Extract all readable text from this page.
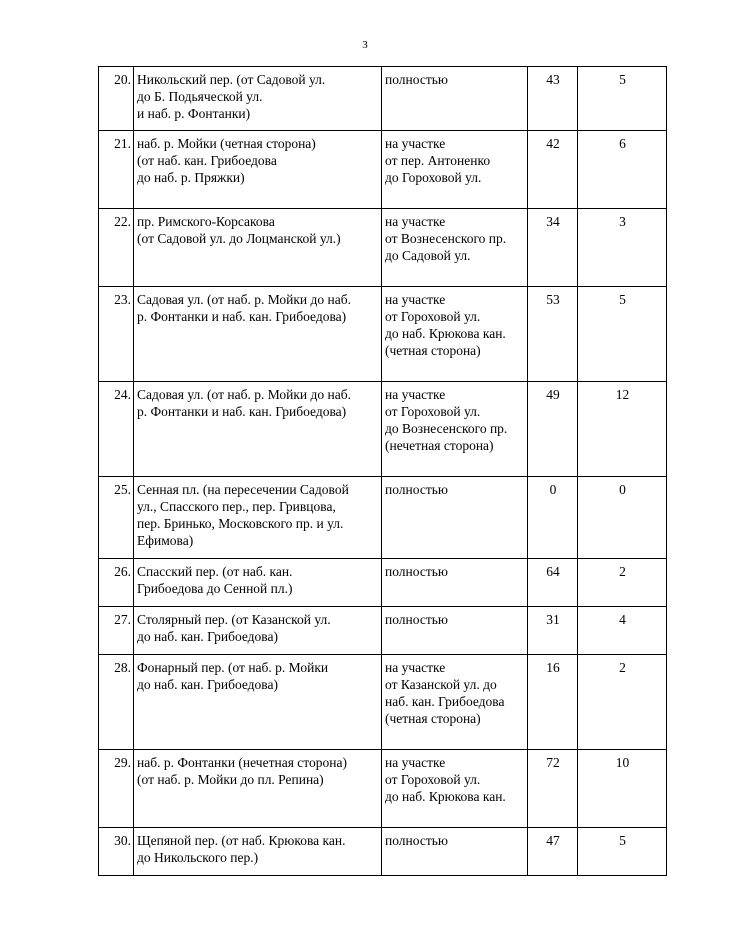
3
20.	Никольский пер. (от Садовой ул.
до Б. Подьяческой ул.
и наб. р. Фонтанки)	полностью	43	5
21.	наб. р. Мойки (четная сторона)
(от наб. кан. Грибоедова
до наб. р. Пряжки)	на участке
от пер. Антоненко
до Гороховой ул.	42	6
22.	пр. Римского-Корсакова
(от Садовой ул. до Лоцманской ул.)	на участке
от Вознесенского пр.
до Садовой ул.	34	3
23.	Садовая ул. (от наб. р. Мойки до наб.
р. Фонтанки и наб. кан. Грибоедова)	на участке
от Гороховой ул.
до наб. Крюкова кан.
(четная сторона)	53	5
24.	Садовая ул. (от наб. р. Мойки до наб.
р. Фонтанки и наб. кан. Грибоедова)	на участке
от Гороховой ул.
до Вознесенского пр.
(нечетная сторона)	49	12
25.	Сенная пл. (на пересечении Садовой
ул., Спасского пер., пер. Гривцова,
пер. Бринько, Московского пр. и ул.
Ефимова)	полностью	0	0
26.	Спасский пер. (от наб. кан.
Грибоедова до Сенной пл.)	полностью	64	2
27.	Столярный пер. (от Казанской ул.
до наб. кан. Грибоедова)	полностью	31	4
28.	Фонарный пер. (от наб. р. Мойки
до наб. кан. Грибоедова)	на участке
от Казанской ул. до
наб. кан. Грибоедова
(четная сторона)	16	2
29.	наб. р. Фонтанки (нечетная сторона)
(от наб. р. Мойки до пл. Репина)	на участке
от Гороховой ул.
до наб. Крюкова кан.	72	10
30.	Щепяной пер. (от наб. Крюкова кан.
до Никольского пер.)	полностью	47	5
